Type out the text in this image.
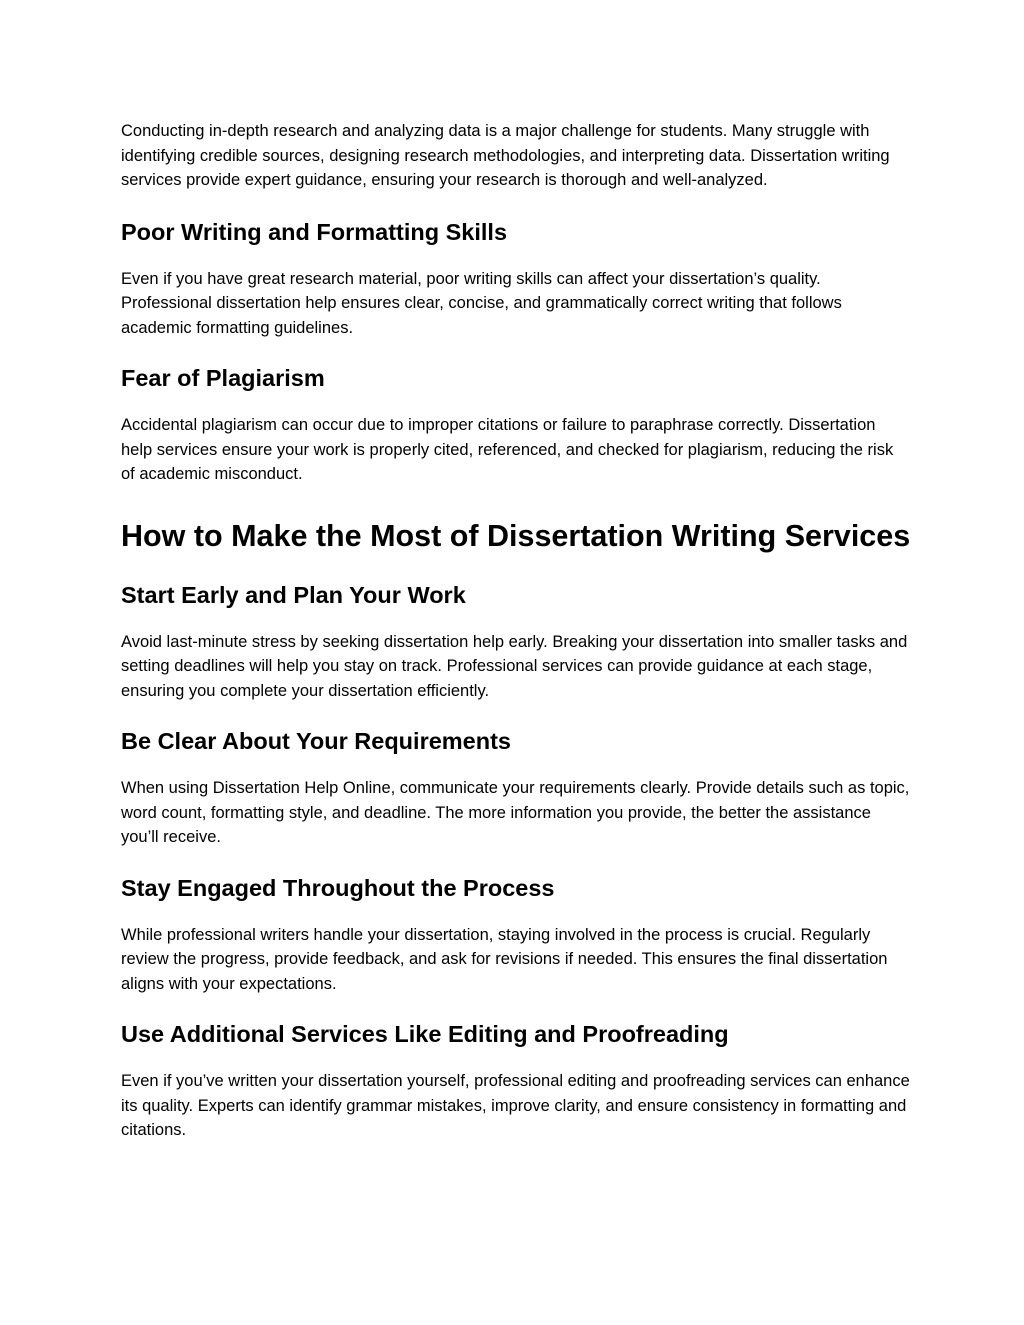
Conducting in-depth research and analyzing data is a major challenge for students. Many struggle with identifying credible sources, designing research methodologies, and interpreting data. Dissertation writing services provide expert guidance, ensuring your research is thorough and well-analyzed.

Poor Writing and Formatting Skills

Even if you have great research material, poor writing skills can affect your dissertation’s quality. Professional dissertation help ensures clear, concise, and grammatically correct writing that follows academic formatting guidelines.

Fear of Plagiarism

Accidental plagiarism can occur due to improper citations or failure to paraphrase correctly. Dissertation help services ensure your work is properly cited, referenced, and checked for plagiarism, reducing the risk of academic misconduct.

How to Make the Most of Dissertation Writing Services
Start Early and Plan Your Work

Avoid last-minute stress by seeking dissertation help early. Breaking your dissertation into smaller tasks and setting deadlines will help you stay on track. Professional services can provide guidance at each stage, ensuring you complete your dissertation efficiently.

Be Clear About Your Requirements

When using Dissertation Help Online, communicate your requirements clearly. Provide details such as topic, word count, formatting style, and deadline. The more information you provide, the better the assistance you’ll receive.

Stay Engaged Throughout the Process

While professional writers handle your dissertation, staying involved in the process is crucial. Regularly review the progress, provide feedback, and ask for revisions if needed. This ensures the final dissertation aligns with your expectations.

Use Additional Services Like Editing and Proofreading

Even if you’ve written your dissertation yourself, professional editing and proofreading services can enhance its quality. Experts can identify grammar mistakes, improve clarity, and ensure consistency in formatting and citations.
